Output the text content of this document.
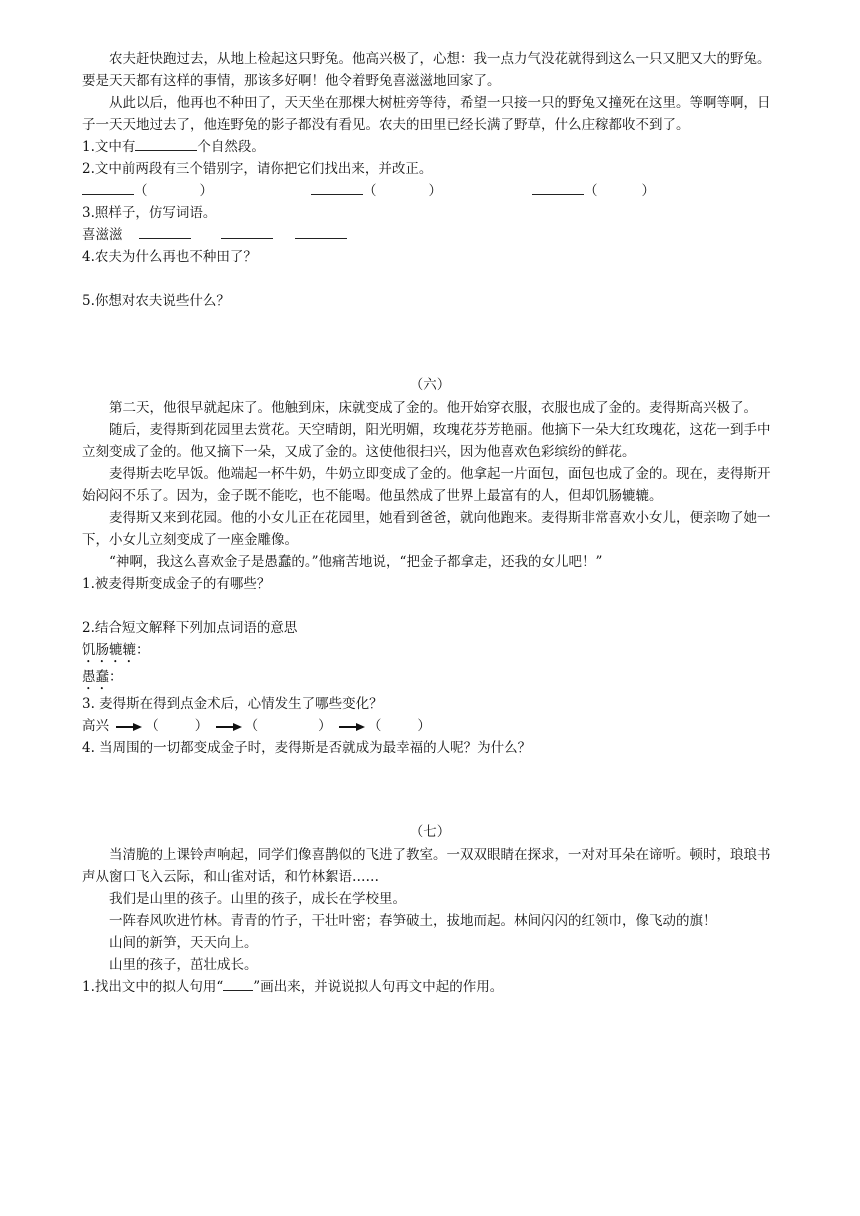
农夫赶快跑过去，从地上检起这只野兔。他高兴极了，心想：我一点力气没花就得到这么一只又肥又大的野兔。要是天天都有这样的事情，那该多好啊！他令着野兔喜滋滋地回家了。

从此以后，他再也不种田了，天天坐在那棵大树桩旁等待，希望一只接一只的野兔又撞死在这里。等啊等啊，日子一天天地过去了，他连野兔的影子都没有看见。农夫的田里已经长满了野草，什么庄稼都收不到了。

1.文中有	个自然段。

2.文中前两段有三个错别字，请你把它们找出来，并改正。

（	）	（	）	（	）

3.照样子，仿写词语。

喜滋滋

4.农夫为什么再也不种田了？

5.你想对农夫说些什么？

（六）

第二天，他很早就起床了。他触到床，床就变成了金的。他开始穿衣服，衣服也成了金的。麦得斯高兴极了。

随后，麦得斯到花园里去赏花。天空晴朗，阳光明媚，玫瑰花芬芳艳丽。他摘下一朵大红玫瑰花，这花一到手中立刻变成了金的。他又摘下一朵，又成了金的。这使他很扫兴，因为他喜欢色彩缤纷的鲜花。

麦得斯去吃早饭。他端起一杯牛奶，牛奶立即变成了金的。他拿起一片面包，面包也成了金的。现在，麦得斯开始闷闷不乐了。因为，金子既不能吃，也不能喝。他虽然成了世界上最富有的人，但却饥肠辘辘。

麦得斯又来到花园。他的小女儿正在花园里，她看到爸爸，就向他跑来。麦得斯非常喜欢小女儿，便亲吻了她一下，小女儿立刻变成了一座金雕像。

“神啊，我这么喜欢金子是愚蠢的。”他痛苦地说，“把金子都拿走，还我的女儿吧！”

1.被麦得斯变成金子的有哪些？

2.结合短文解释下列加点词语的意思

饥肠辘辘：

愚蠢：

3. 麦得斯在得到点金术后，心情发生了哪些变化？

高兴	（	）	（	）	（	）

4. 当周围的一切都变成金子时，麦得斯是否就成为最幸福的人呢？为什么？

（七）

当清脆的上课铃声响起，同学们像喜鹊似的飞进了教室。一双双眼睛在探求，一对对耳朵在谛听。顿时，琅琅书声从窗口飞入云际，和山雀对话，和竹林絮语……

我们是山里的孩子。山里的孩子，成长在学校里。

一阵春风吹进竹林。青青的竹子，干壮叶密；春笋破土，拔地而起。林间闪闪的红领巾，像飞动的旗！

山间的新笋，天天向上。

山里的孩子，茁壮成长。

1.找出文中的拟人句用“ ”画出来，并说说拟人句再文中起的作用。
